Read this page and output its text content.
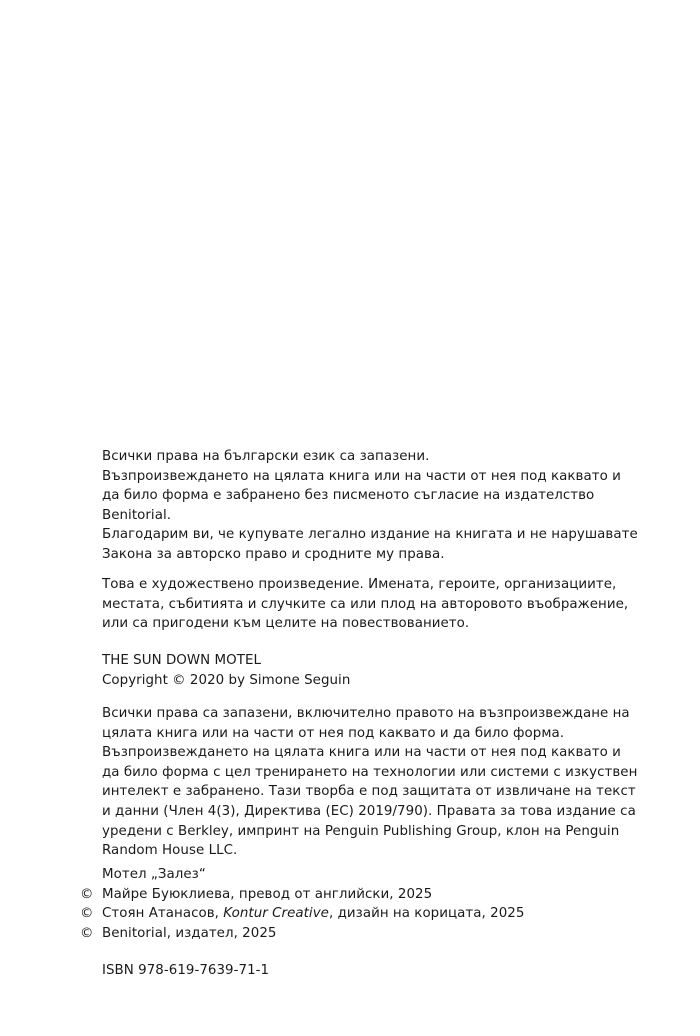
Всички права на български език са запазени.

Възпроизвеждането на цялата книга или на части от нея под каквато и да било форма е забранено без писменото съгласие на издателство Benitorial.

Благодарим ви, че купувате легално издание на книгата и не нарушавате Закона за авторско право и сродните му права.

Това е художествено произведение. Имената, героите, организациите, местата, събитията и случките са или плод на авторовото въображение, или са пригодени към целите на повествованието.

THE SUN DOWN MOTEL

Copyright © 2020 by Simone Seguin

Всички права са запазени, включително правото на възпроизвеждане на цялата книга или на части от нея под каквато и да било форма. Възпроизвеждането на цялата книга или на части от нея под каквато и да било форма с цел трениранeто на технологии или системи с изкуствен интелект е забранено. Тази творба е под защитата от извличане на текст и данни (Член 4(3), Директива (ЕС) 2019/790). Правата за това издание са уредени с Berkley, импринт на Penguin Publishing Group, клон на Penguin Random House LLC.

Мотел „Залез“
© Майре Буюклиева, превод от английски, 2025
© Стоян Атанасов, Kontur Creative, дизайн на корицата, 2025
© Benitorial, издател, 2025

ISBN 978-619-7639-71-1
